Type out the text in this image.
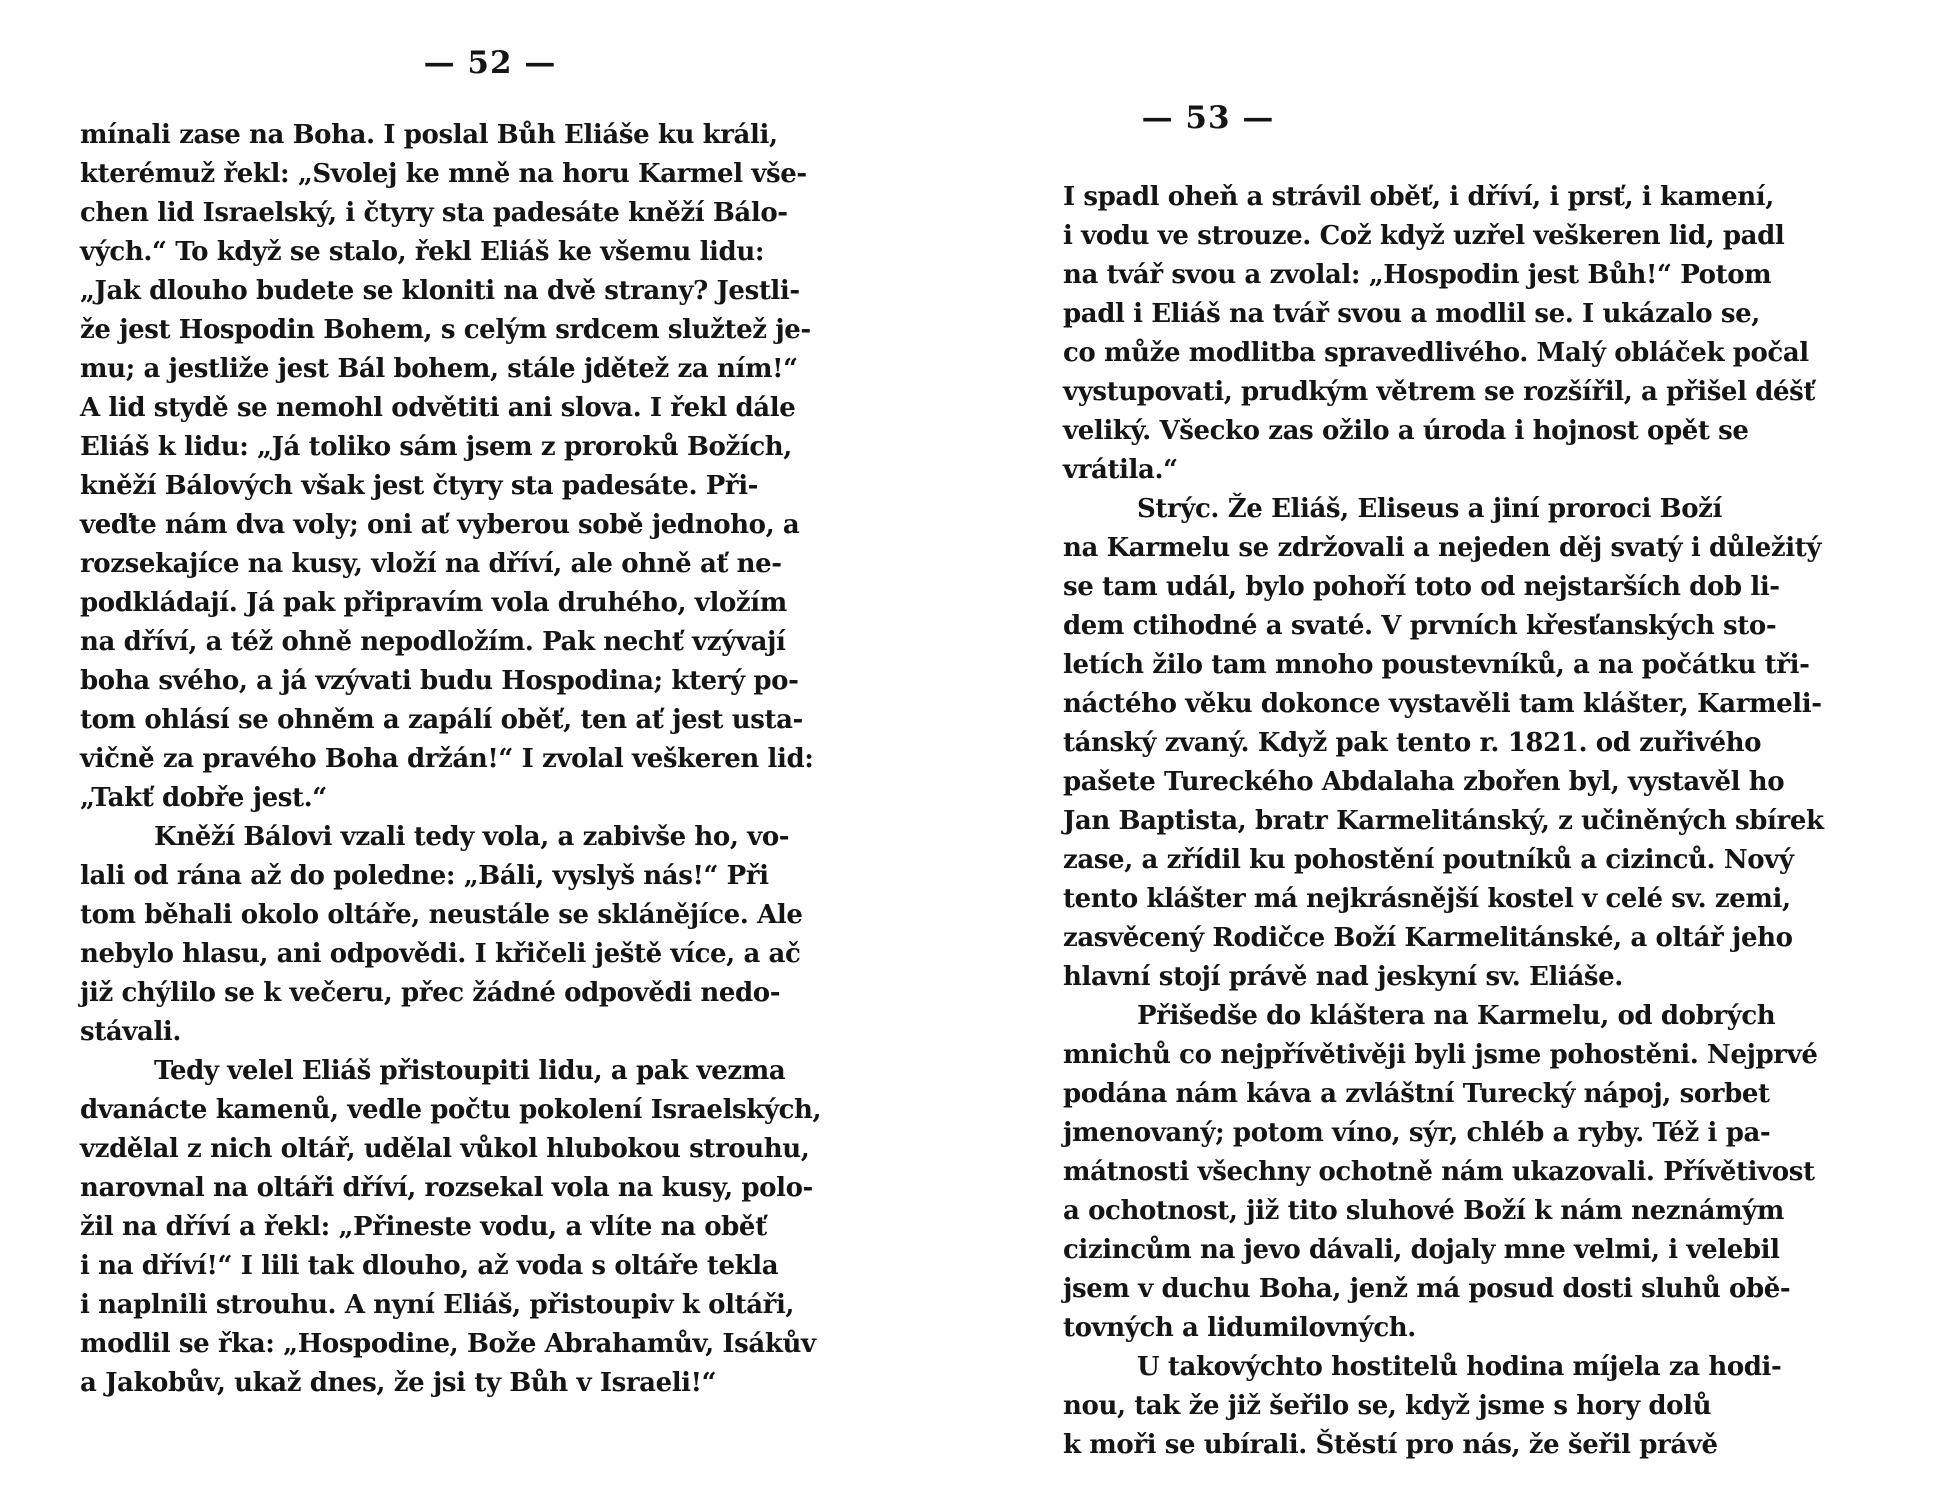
— 52 —
mínali zase na Boha. I poslal Bůh Eliáše ku králi,
kterémuž řekl: „Svolej ke mně na horu Karmel vše-
chen lid Israelský, i čtyry sta padesáte kněží Bálo-
vých.“ To když se stalo, řekl Eliáš ke všemu lidu:
„Jak dlouho budete se kloniti na dvě strany? Jestli-
že jest Hospodin Bohem, s celým srdcem služtež je-
mu; a jestliže jest Bál bohem, stále jdětež za ním!“
A lid stydě se nemohl odvětiti ani slova. I řekl dále
Eliáš k lidu: „Já toliko sám jsem z proroků Božích,
kněží Bálových však jest čtyry sta padesáte. Při-
veďte nám dva voly; oni ať vyberou sobě jednoho, a
rozsekajíce na kusy, vloží na dříví, ale ohně ať ne-
podkládají. Já pak připravím vola druhého, vložím
na dříví, a též ohně nepodložím. Pak nechť vzývají
boha svého, a já vzývati budu Hospodina; který po-
tom ohlásí se ohněm a zapálí oběť, ten ať jest usta-
vičně za pravého Boha držán!“ I zvolal veškeren lid:
„Takť dobře jest.“
Kněží Bálovi vzali tedy vola, a zabivše ho, vo-
lali od rána až do poledne: „Báli, vyslyš nás!“ Při
tom běhali okolo oltáře, neustále se sklánějíce. Ale
nebylo hlasu, ani odpovědi. I křičeli ještě více, a ač
již chýlilo se k večeru, přec žádné odpovědi nedo-
stávali.
Tedy velel Eliáš přistoupiti lidu, a pak vezma
dvanácte kamenů, vedle počtu pokolení Israelských,
vzdělal z nich oltář, udělal vůkol hlubokou strouhu,
narovnal na oltáři dříví, rozsekal vola na kusy, polo-
žil na dříví a řekl: „Přineste vodu, a vlíte na oběť
i na dříví!“ I lili tak dlouho, až voda s oltáře tekla
i naplnili strouhu. A nyní Eliáš, přistoupiv k oltáři,
modlil se řka: „Hospodine, Bože Abrahamův, Isákův
a Jakobův, ukaž dnes, že jsi ty Bůh v Israeli!“
— 53 —
I spadl oheň a strávil oběť, i dříví, i prsť, i kamení,
i vodu ve strouze. Což když uzřel veškeren lid, padl
na tvář svou a zvolal: „Hospodin jest Bůh!“ Potom
padl i Eliáš na tvář svou a modlil se. I ukázalo se,
co může modlitba spravedlivého. Malý obláček počal
vystupovati, prudkým větrem se rozšířil, a přišel déšť
veliký. Všecko zas ožilo a úroda i hojnost opět se
vrátila.“
Strýc. Že Eliáš, Eliseus a jiní proroci Boží
na Karmelu se zdržovali a nejeden děj svatý i důležitý
se tam udál, bylo pohoří toto od nejstarších dob li-
dem ctihodné a svaté. V prvních křesťanských sto-
letích žilo tam mnoho poustevníků, a na počátku tři-
náctého věku dokonce vystavěli tam klášter, Karmeli-
tánský zvaný. Když pak tento r. 1821. od zuřivého
pašete Tureckého Abdalaha zbořen byl, vystavěl ho
Jan Baptista, bratr Karmelitánský, z učiněných sbírek
zase, a zřídil ku pohostění poutníků a cizinců. Nový
tento klášter má nejkrásnější kostel v celé sv. zemi,
zasvěcený Rodičce Boží Karmelitánské, a oltář jeho
hlavní stojí právě nad jeskyní sv. Eliáše.
Přišedše do kláštera na Karmelu, od dobrých
mnichů co nejpřívětivěji byli jsme pohostěni. Nejprvé
podána nám káva a zvláštní Turecký nápoj, sorbet
jmenovaný; potom víno, sýr, chléb a ryby. Též i pa-
mátnosti všechny ochotně nám ukazovali. Přívětivost
a ochotnost, již tito sluhové Boží k nám neznámým
cizincům na jevo dávali, dojaly mne velmi, i velebil
jsem v duchu Boha, jenž má posud dosti sluhů obě-
tovných a lidumilovných.
U takovýchto hostitelů hodina míjela za hodi-
nou, tak že již šeřilo se, když jsme s hory dolů
k moři se ubírali. Štěstí pro nás, že šeřil právě
